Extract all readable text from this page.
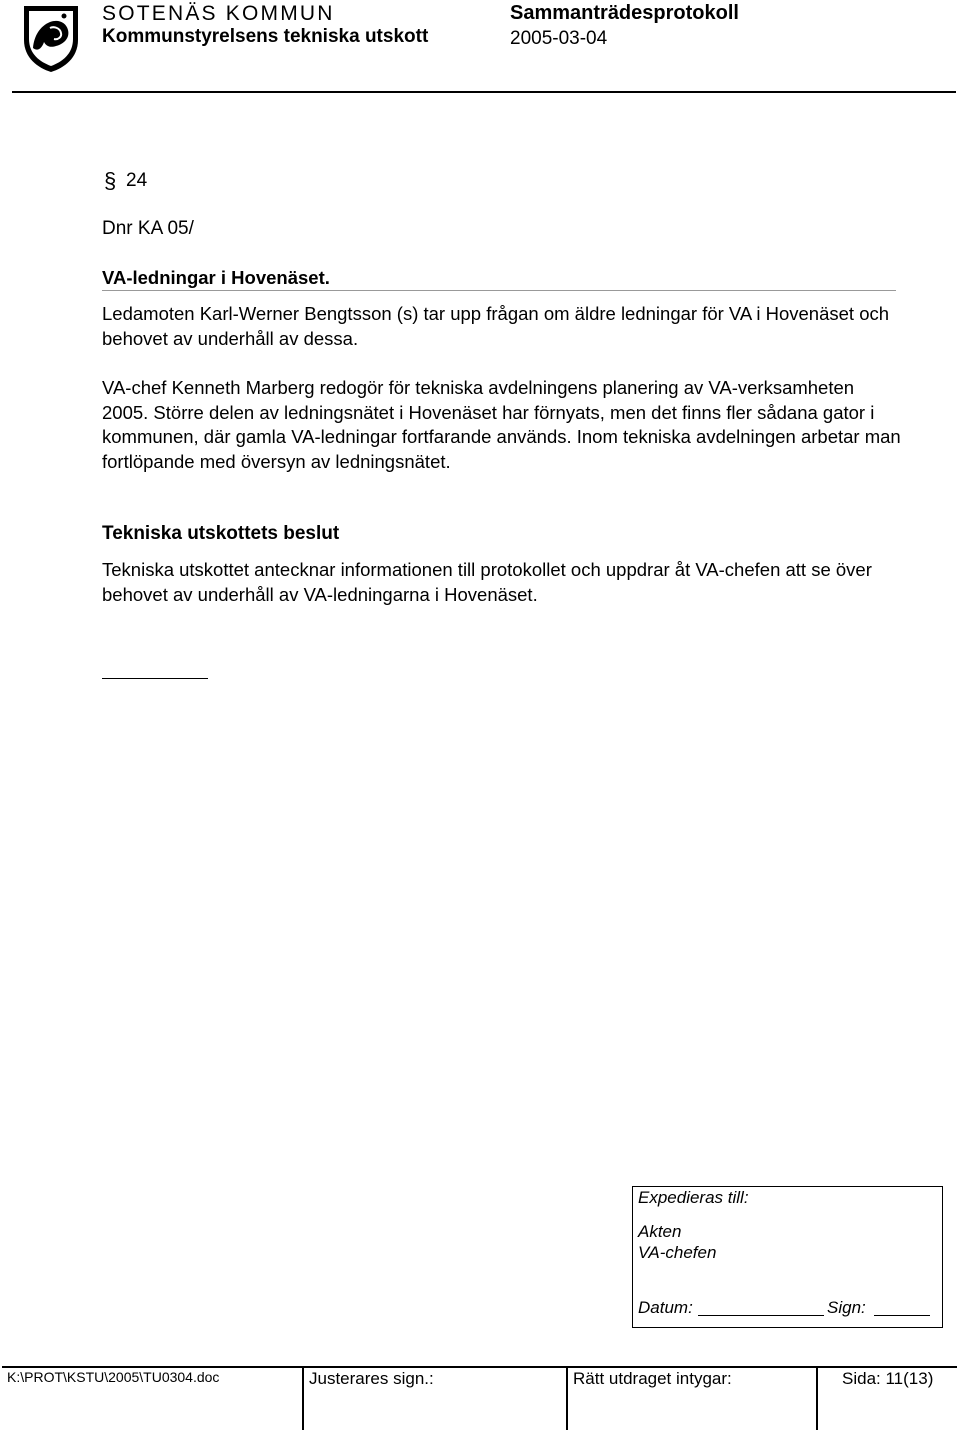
SOTENÄS KOMMUN
Kommunstyrelsens tekniska utskott
Sammanträdesprotokoll
2005-03-04
§ 24
Dnr KA 05/
VA-ledningar i Hovenäset.
Ledamoten Karl-Werner Bengtsson (s) tar upp frågan om äldre ledningar för VA i Hovenäset och behovet av underhåll av dessa.
VA-chef Kenneth Marberg redogör för tekniska avdelningens planering av VA-verksamheten 2005. Större delen av ledningsnätet i Hovenäset har förnyats, men det finns fler sådana gator i kommunen, där gamla VA-ledningar fortfarande används. Inom tekniska avdelningen arbetar man fortlöpande med översyn av ledningsnätet.
Tekniska utskottets beslut
Tekniska utskottet antecknar informationen till protokollet och uppdrar åt VA-chefen att se över behovet av underhåll av VA-ledningarna i Hovenäset.
Expedieras till:
Akten
VA-chefen
Datum:	Sign:
K:\PROT\KSTU\2005\TU0304.doc	Justerares sign.:	Rätt utdraget intygar:	Sida: 11(13)
